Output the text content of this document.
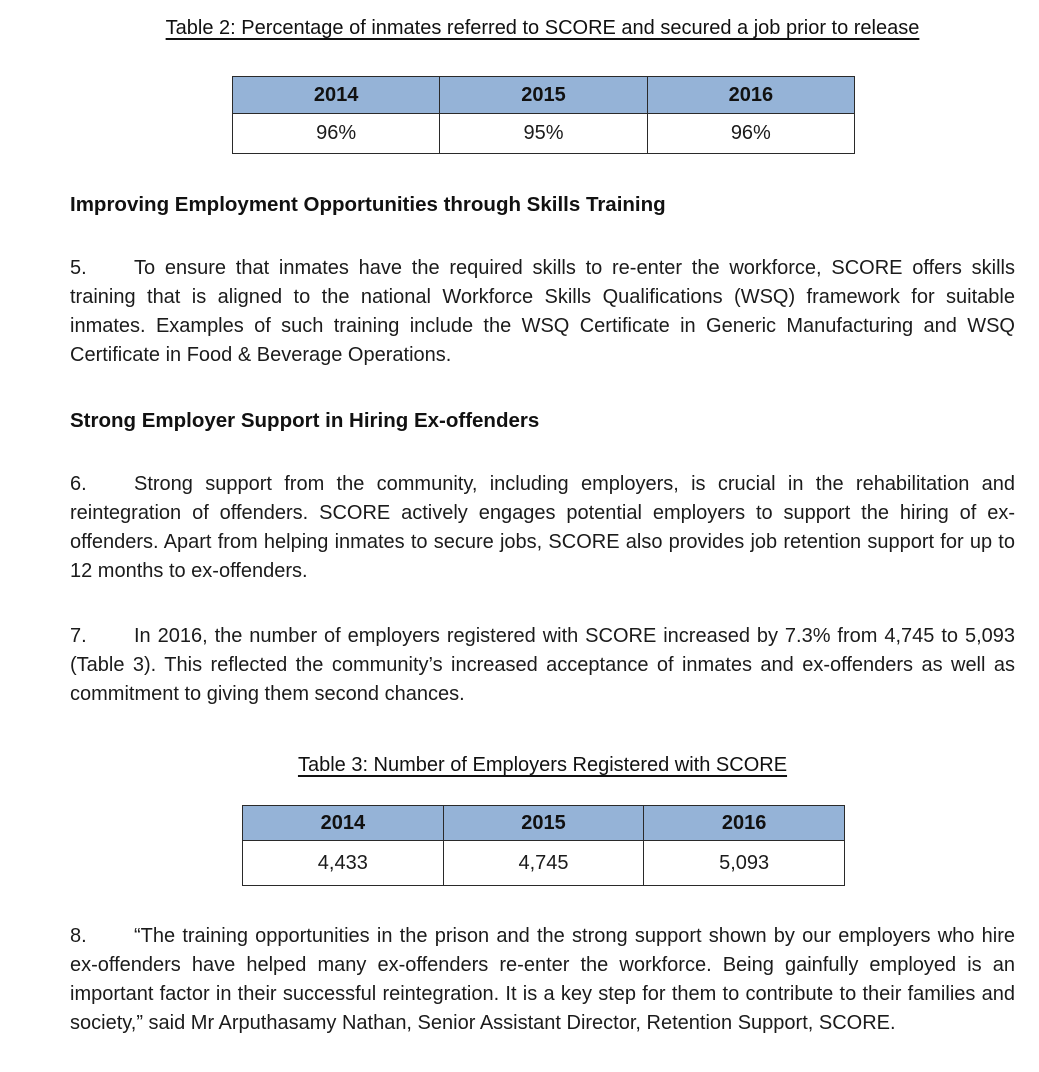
Table 2: Percentage of inmates referred to SCORE and secured a job prior to release

2014	2015	2016
96%	95%	96%
Improving Employment Opportunities through Skills Training

5. To ensure that inmates have the required skills to re-enter the workforce, SCORE offers skills training that is aligned to the national Workforce Skills Qualifications (WSQ) framework for suitable inmates. Examples of such training include the WSQ Certificate in Generic Manufacturing and WSQ Certificate in Food & Beverage Operations.

Strong Employer Support in Hiring Ex-offenders

6. Strong support from the community, including employers, is crucial in the rehabilitation and reintegration of offenders. SCORE actively engages potential employers to support the hiring of ex-offenders. Apart from helping inmates to secure jobs, SCORE also provides job retention support for up to 12 months to ex-offenders.

7. In 2016, the number of employers registered with SCORE increased by 7.3% from 4,745 to 5,093 (Table 3). This reflected the community’s increased acceptance of inmates and ex-offenders as well as commitment to giving them second chances.

Table 3: Number of Employers Registered with SCORE

2014	2015	2016
4,433	4,745	5,093

8. “The training opportunities in the prison and the strong support shown by our employers who hire ex-offenders have helped many ex-offenders re-enter the workforce. Being gainfully employed is an important factor in their successful reintegration. It is a key step for them to contribute to their families and society,” said Mr Arputhasamy Nathan, Senior Assistant Director, Retention Support, SCORE.
